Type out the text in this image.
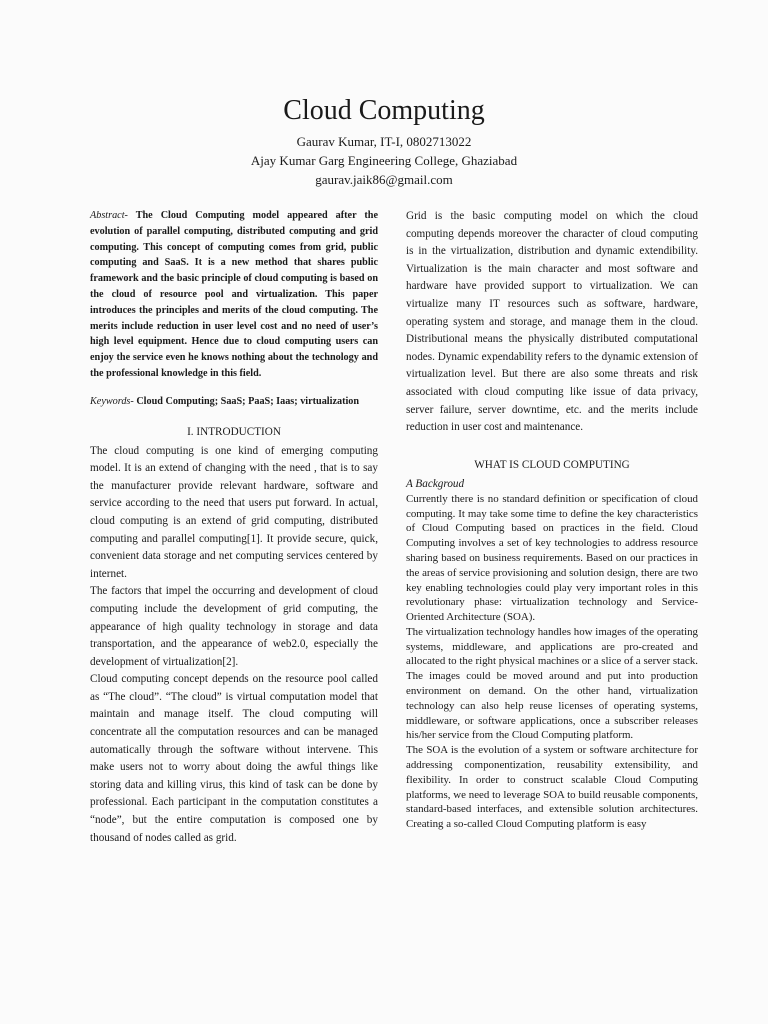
Cloud Computing
Gaurav Kumar, IT-I, 0802713022
Ajay Kumar Garg Engineering College, Ghaziabad
gaurav.jaik86@gmail.com

Abstract- The Cloud Computing model appeared after the evolution of parallel computing, distributed computing and grid computing. This concept of computing comes from grid, public computing and SaaS. It is a new method that shares public framework and the basic principle of cloud computing is based on the cloud of resource pool and virtualization. This paper introduces the principles and merits of the cloud computing. The merits include reduction in user level cost and no need of user’s high level equipment. Hence due to cloud computing users can enjoy the service even he knows nothing about the technology and the professional knowledge in this field.

Keywords- Cloud Computing; SaaS; PaaS; Iaas; virtualization

I. INTRODUCTION

The cloud computing is one kind of emerging computing model. It is an extend of changing with the need , that is to say the manufacturer provide relevant hardware, software and service according to the need that users put forward. In actual, cloud computing is an extend of grid computing, distributed computing and parallel computing[1]. It provide secure, quick, convenient data storage and net computing services centered by internet.

The factors that impel the occurring and development of cloud computing include the development of grid computing, the appearance of high quality technology in storage and data transportation, and the appearance of web2.0, especially the development of virtualization[2].

Cloud computing concept depends on the resource pool called as “The cloud”. “The cloud” is virtual computation model that maintain and manage itself. The cloud computing will concentrate all the computation resources and can be managed automatically through the software without intervene. This make users not to worry about doing the awful things like storing data and killing virus, this kind of task can be done by professional. Each participant in the computation constitutes a “node”, but the entire computation is composed one by thousand of nodes called as grid.

Grid is the basic computing model on which the cloud computing depends moreover the character of cloud computing is in the virtualization, distribution and dynamic extendibility. Virtualization is the main character and most software and hardware have provided support to virtualization. We can virtualize many IT resources such as software, hardware, operating system and storage, and manage them in the cloud. Distributional means the physically distributed computational nodes. Dynamic expendability refers to the dynamic extension of virtualization level. But there are also some threats and risk associated with cloud computing like issue of data privacy, server failure, server downtime, etc. and the merits include reduction in user cost and maintenance.

WHAT IS CLOUD COMPUTING
A Backgroud

Currently there is no standard definition or specification of cloud computing. It may take some time to define the key characteristics of Cloud Computing based on practices in the field. Cloud Computing involves a set of key technologies to address resource sharing based on business requirements. Based on our practices in the areas of service provisioning and solution design, there are two key enabling technologies could play very important roles in this revolutionary phase: virtualization technology and Service-Oriented Architecture (SOA).

The virtualization technology handles how images of the operating systems, middleware, and applications are pro-created and allocated to the right physical machines or a slice of a server stack. The images could be moved around and put into production environment on demand. On the other hand, virtualization technology can also help reuse licenses of operating systems, middleware, or software applications, once a subscriber releases his/her service from the Cloud Computing platform.

The SOA is the evolution of a system or software architecture for addressing componentization, reusability extensibility, and flexibility. In order to construct scalable Cloud Computing platforms, we need to leverage SOA to build reusable components, standard-based interfaces, and extensible solution architectures. Creating a so-called Cloud Computing platform is easy
